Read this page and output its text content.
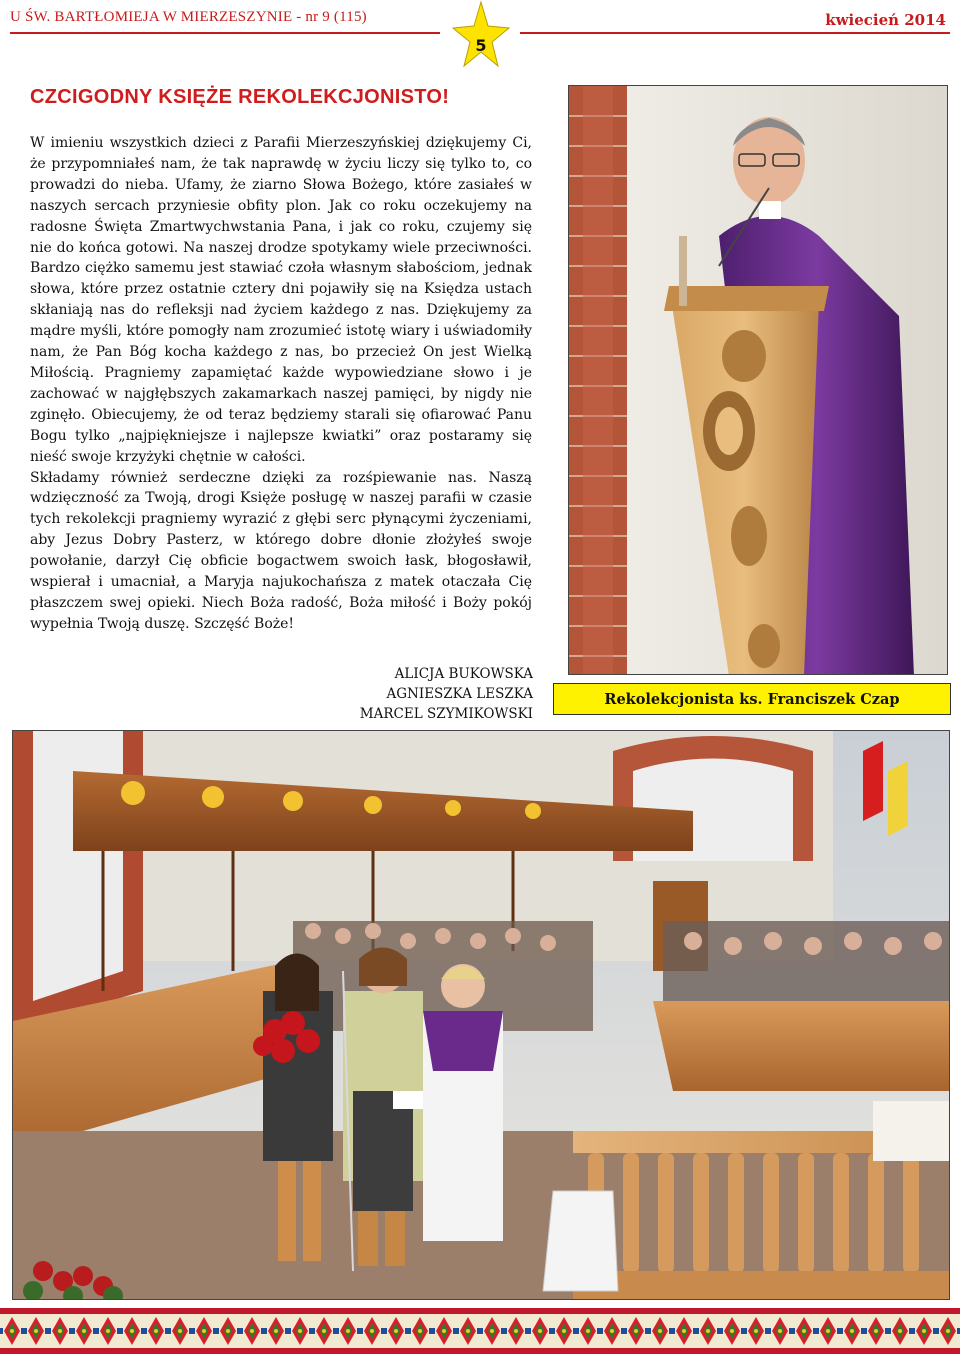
U ŚW. BARTŁOMIEJA W MIERZESZYNIE - nr 9 (115)
5
kwiecień 2014
CZCIGODNY KSIĘŻE REKOLEKCJONISTO!

W imieniu wszystkich dzieci z Parafii Mierzeszyńskiej dziękujemy Ci, że przypomniałeś nam, że tak naprawdę w życiu liczy się tylko to, co prowadzi do nieba. Ufamy, że ziarno Słowa Bożego, które zasiałeś w naszych sercach przyniesie obfity plon. Jak co roku oczekujemy na radosne Święta Zmartwychwstania Pana, i jak co roku, czujemy się nie do końca gotowi. Na naszej drodze spotykamy wiele przeciwności. Bardzo ciężko samemu jest stawiać czoła własnym słabościom, jednak słowa, które przez ostatnie cztery dni pojawiły się na Księdza ustach skłaniają nas do refleksji nad życiem każdego z nas. Dziękujemy za mądre myśli, które pomogły nam zrozumieć istotę wiary i uświadomiły nam, że Pan Bóg kocha każdego z nas, bo przecież On jest Wielką Miłością. Pragniemy zapamiętać każde wypowiedziane słowo i je zachować w najgłębszych zakamarkach naszej pamięci, by nigdy nie zginęło. Obiecujemy, że od teraz będziemy starali się ofiarować Panu Bogu tylko „najpiękniejsze i najlepsze kwiatki” oraz postaramy się nieść swoje krzyżyki chętnie w całości.

Składamy również serdeczne dzięki za rozśpiewanie nas. Naszą wdzięczność za Twoją, drogi Księże posługę w naszej parafii w czasie tych rekolekcji pragniemy wyrazić z głębi serc płynącymi życzeniami, aby Jezus Dobry Pasterz, w którego dobre dłonie złożyłeś swoje powołanie, darzył Cię obficie bogactwem swoich łask, błogosławił, wspierał i umacniał, a Maryja najukochańsza z matek otaczała Cię płaszczem swej opieki. Niech Boża radość, Boża miłość i Boży pokój wypełnia Twoją duszę. Szczęść Boże!

ALICJA BUKOWSKA
AGNIESZKA LESZKA
MARCEL SZYMIKOWSKI
Rekolekcjonista ks. Franciszek Czap
